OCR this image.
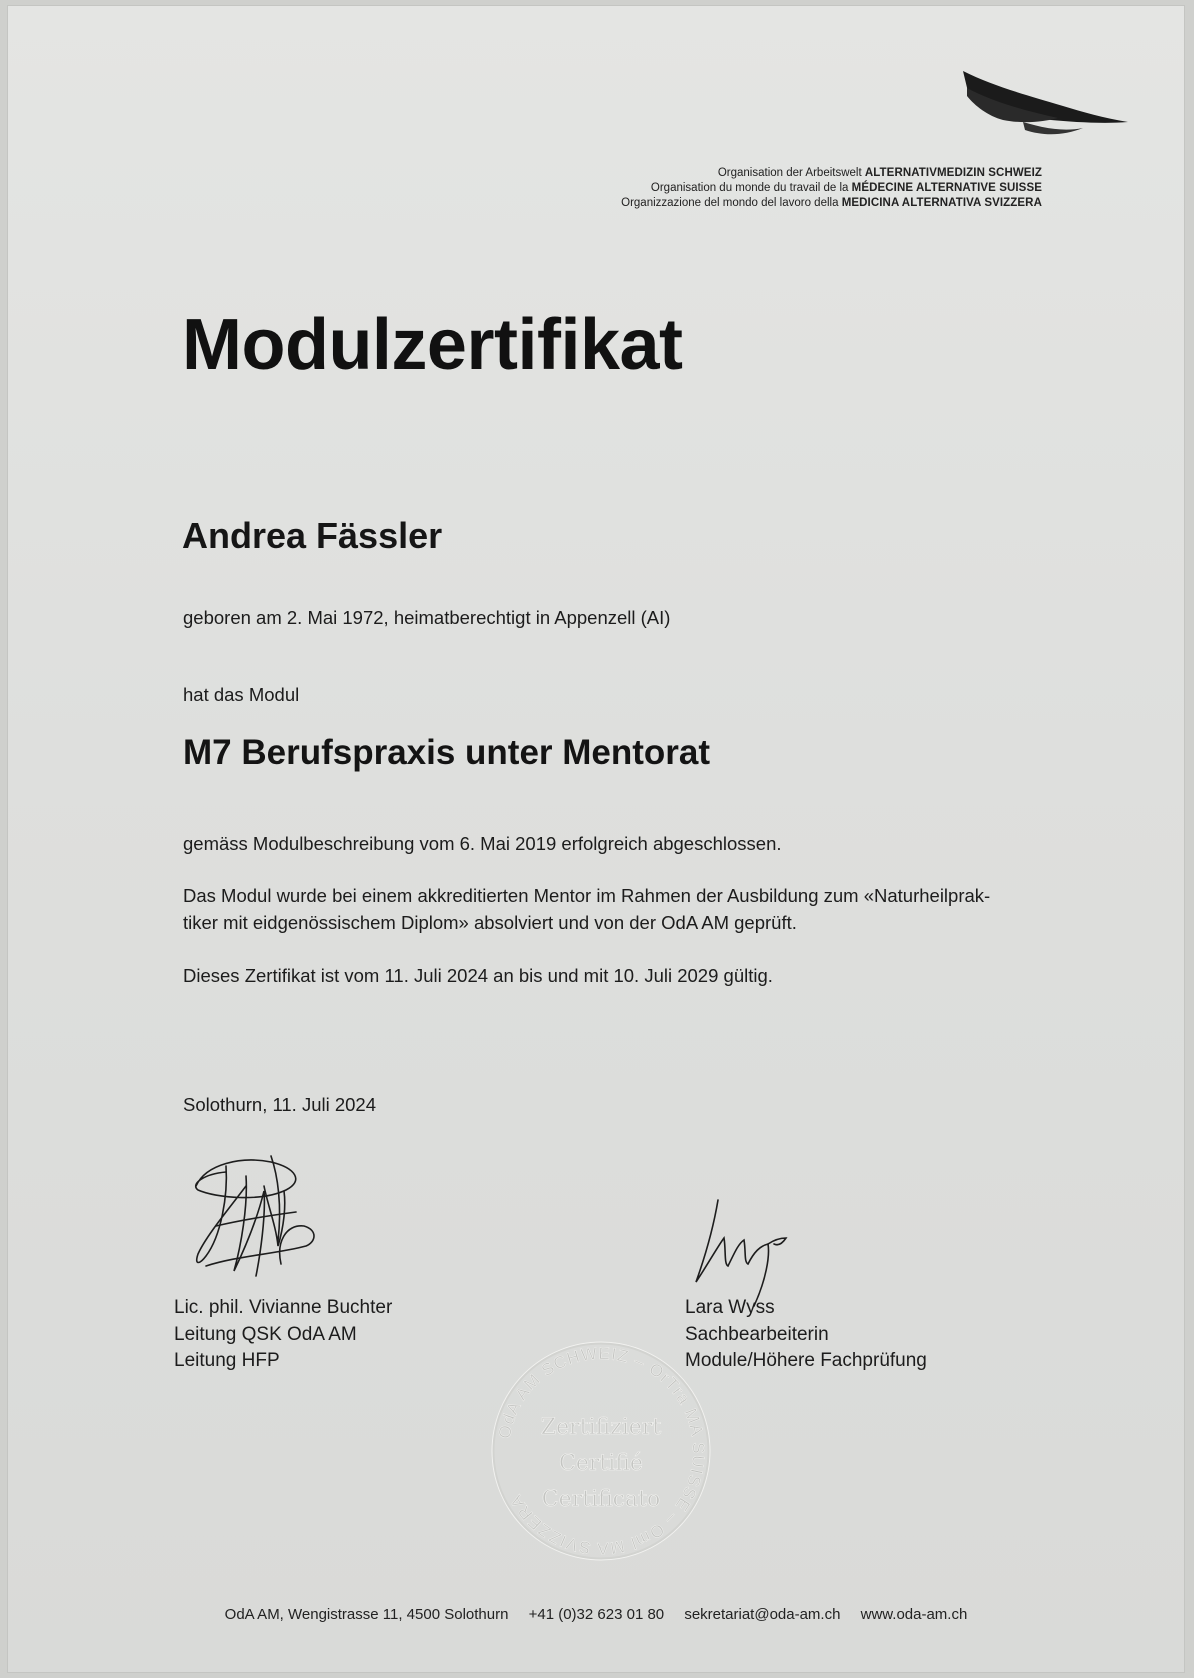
Organisation der Arbeitswelt ALTERNATIVMEDIZIN SCHWEIZ
Organisation du monde du travail de la MÉDECINE ALTERNATIVE SUISSE
Organizzazione del mondo del lavoro della MEDICINA ALTERNATIVA SVIZZERA
Modulzertifikat
Andrea Fässler
geboren am 2. Mai 1972, heimatberechtigt in Appenzell (AI)
hat das Modul
M7 Berufspraxis unter Mentorat
gemäss Modulbeschreibung vom 6. Mai 2019 erfolgreich abgeschlossen.
Das Modul wurde bei einem akkreditierten Mentor im Rahmen der Ausbildung zum «Naturheilprak-
tiker mit eidgenössischem Diplom» absolviert und von der OdA AM geprüft.
Dieses Zertifikat ist vom 11. Juli 2024 an bis und mit 10. Juli 2029 gültig.
Solothurn, 11. Juli 2024
Lic. phil. Vivianne Buchter
Leitung QSK OdA AM
Leitung HFP
Lara Wyss
Sachbearbeiterin
Module/Höhere Fachprüfung
OdA AM SCHWEIZ – OrTra MA SUISSE – Oml MA SVIZZERA
Zertifiziert
Certifié
Certificato
OdA AM, Wengistrasse 11, 4500 Solothurn +41 (0)32 623 01 80 sekretariat@oda-am.ch www.oda-am.ch
